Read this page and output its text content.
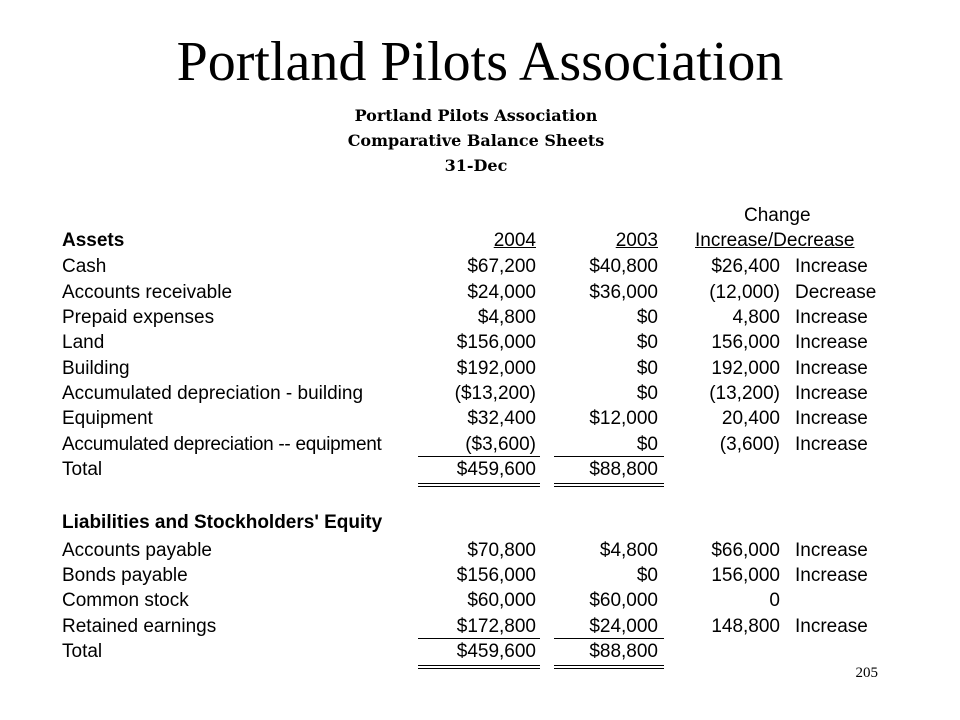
Portland Pilots Association
Portland Pilots Association
Comparative Balance Sheets
31-Dec
Change
Assets	2004	2003 Increase/Decrease
Cash	$67,200	$40,800	$26,400 Increase
Accounts receivable	$24,000	$36,000	(12,000) Decrease
Prepaid expenses	$4,800	$0	4,800 Increase
Land	$156,000	$0	156,000 Increase
Building	$192,000	$0	192,000 Increase
Accumulated depreciation - building	($13,200)	$0	(13,200) Increase
Equipment	$32,400	$12,000	20,400 Increase
Accumulated depreciation -- equipment	($3,600)	$0	(3,600) Increase
Total	$459,600	$88,800
Liabilities and Stockholders' Equity
Accounts payable	$70,800	$4,800	$66,000 Increase
Bonds payable	$156,000	$0	156,000 Increase
Common stock	$60,000	$60,000	0
Retained earnings	$172,800	$24,000	148,800 Increase
Total	$459,600	$88,800
205
